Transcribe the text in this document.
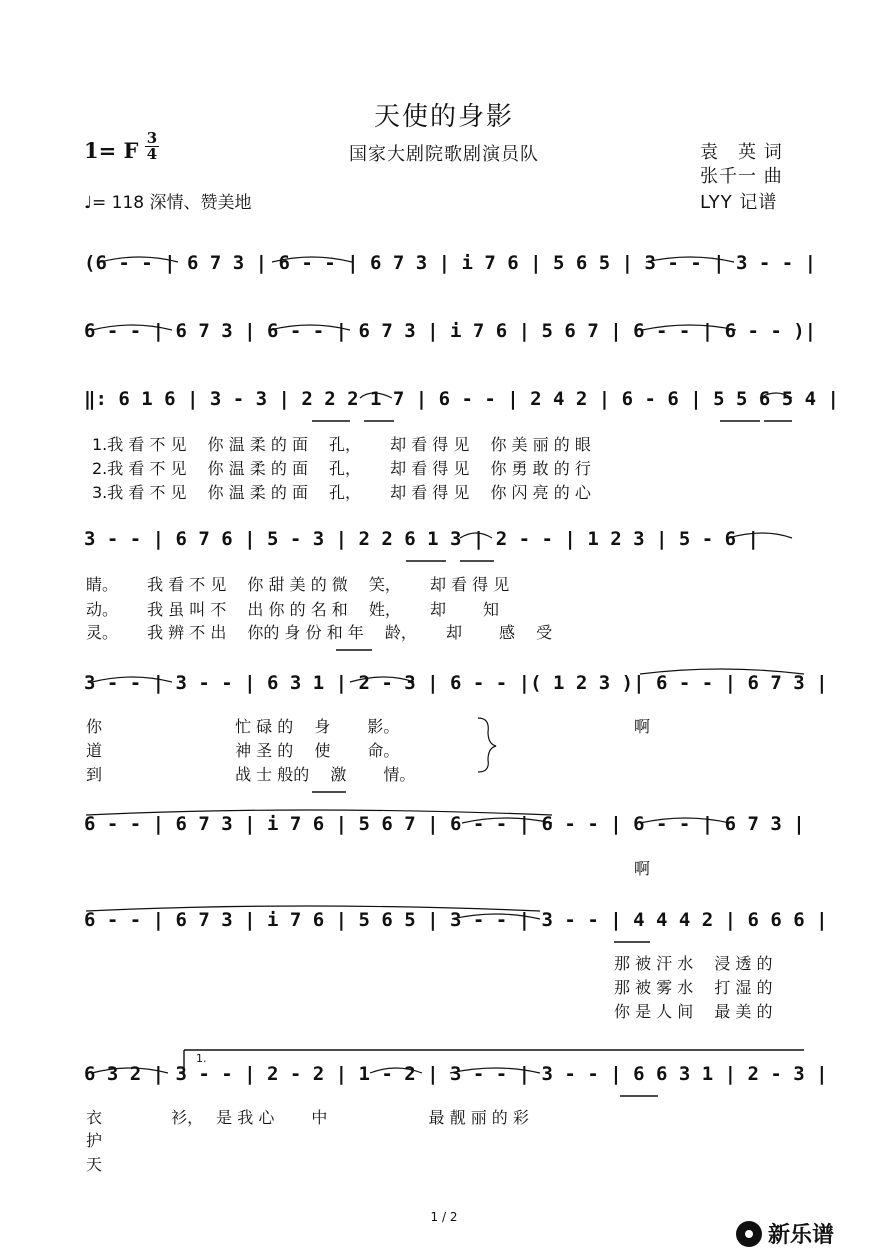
天使的身影
1= F 3
4	国家大剧院歌剧演员队	袁　英 词
张千一 曲
LYY 记谱
♩= 118 深情、赞美地
1.
(6 - - | 6 7 3 | 6 - - | 6 7 3 | i 7 6 | 5 6 5 | 3 - - | 3 - - |
6 - - | 6 7 3 | 6 - - | 6 7 3 | i 7 6 | 5 6 7 | 6 - - | 6 - - )|
‖: 6 1 6 | 3 - 3 | 2 2 2 1 7 | 6 - - | 2 4 2 | 6 - 6 | 5 5 6 5 4 |
3 - - | 6 7 6 | 5 - 3 | 2 2 6 1 3 | 2 - - | 1 2 3 | 5 - 6 |
3 - - | 3 - - | 6 3 1 | 2 - 3 | 6 - - |( 1 2 3 )| 6 - - | 6 7 3 |
6 - - | 6 7 3 | i 7 6 | 5 6 7 | 6 - - | 6 - - | 6 - - | 6 7 3 |
6 - - | 6 7 3 | i 7 6 | 5 6 5 | 3 - - | 3 - - | 4 4 4 2 | 6 6 6 |
6 3 2 | 3 - - | 2 - 2 | 1 - 2 | 3 - - | 3 - - | 6 6 3 1 | 2 - 3 |
1.我 看 不 见　 你 温 柔 的 面　 孔，　　 却 看 得 见　 你 美 丽 的 眼
2.我 看 不 见　 你 温 柔 的 面　 孔，　　 却 看 得 见　 你 勇 敢 的 行
3.我 看 不 见　 你 温 柔 的 面　 孔，　　 却 看 得 见　 你 闪 亮 的 心
睛。　　 我 看 不 见　 你 甜 美 的 微　 笑，　　 却 看 得 见
动。　　 我 虽 叫 不　 出 你 的 名 和　 姓，　　 却　　 知
灵。　　 我 辨 不 出　 你的 身 份 和 年　 龄，　　 却　　 感　 受
你　　　　　　　　 忙 碌 的　 身　　 影。
道　　　　　　　　 神 圣 的　 使　　 命。
到　　　　　　　　 战 士 般的　 激　　 情。
啊
啊
那 被 汗 水　 浸 透 的
那 被 雾 水　 打 湿 的
你 是 人 间　 最 美 的
衣　　　　 衫，　 是 我 心　　 中　　　　　　 最 靓 丽 的 彩
护
天
1 / 2
新乐谱
